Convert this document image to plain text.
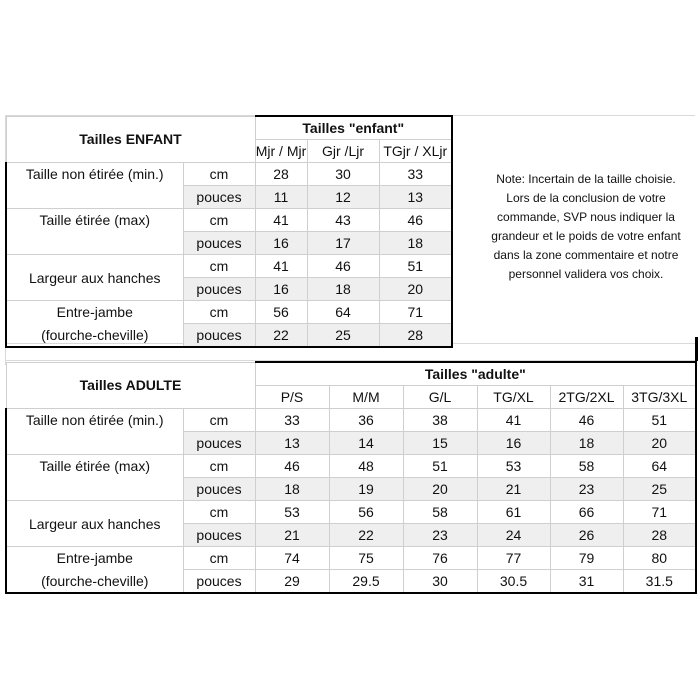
Tailles ENFANT		Tailles "enfant"			
		Mjr / Mjr	Gjr /Ljr	TGjr / XLjr	
Taille non étirée (min.)	cm	28	30	33	
	pouces	11	12	13	
Taille étirée (max)	cm	41	43	46	
	pouces	16	17	18	
Largeur aux hanches	cm	41	46	51	
	pouces	16	18	20	
Entre-jambe	cm	56	64	71	
(fourche-cheville)	pouces	22	25	28	
Note: Incertain de la taille choisie.
Lors de la conclusion de votre
commande, SVP nous indiquer la
grandeur et le poids de votre enfant
dans la zone commentaire et notre
personnel validera vos choix.
Tailles ADULTE		Tailles "adulte"					
		P/S	M/M	G/L	TG/XL	2TG/2XL	3TG/3XL
Taille non étirée (min.)	cm	33	36	38	41	46	51
	pouces	13	14	15	16	18	20
Taille étirée (max)	cm	46	48	51	53	58	64
	pouces	18	19	20	21	23	25
Largeur aux hanches	cm	53	56	58	61	66	71
	pouces	21	22	23	24	26	28
Entre-jambe	cm	74	75	76	77	79	80
(fourche-cheville)	pouces	29	29.5	30	30.5	31	31.5
